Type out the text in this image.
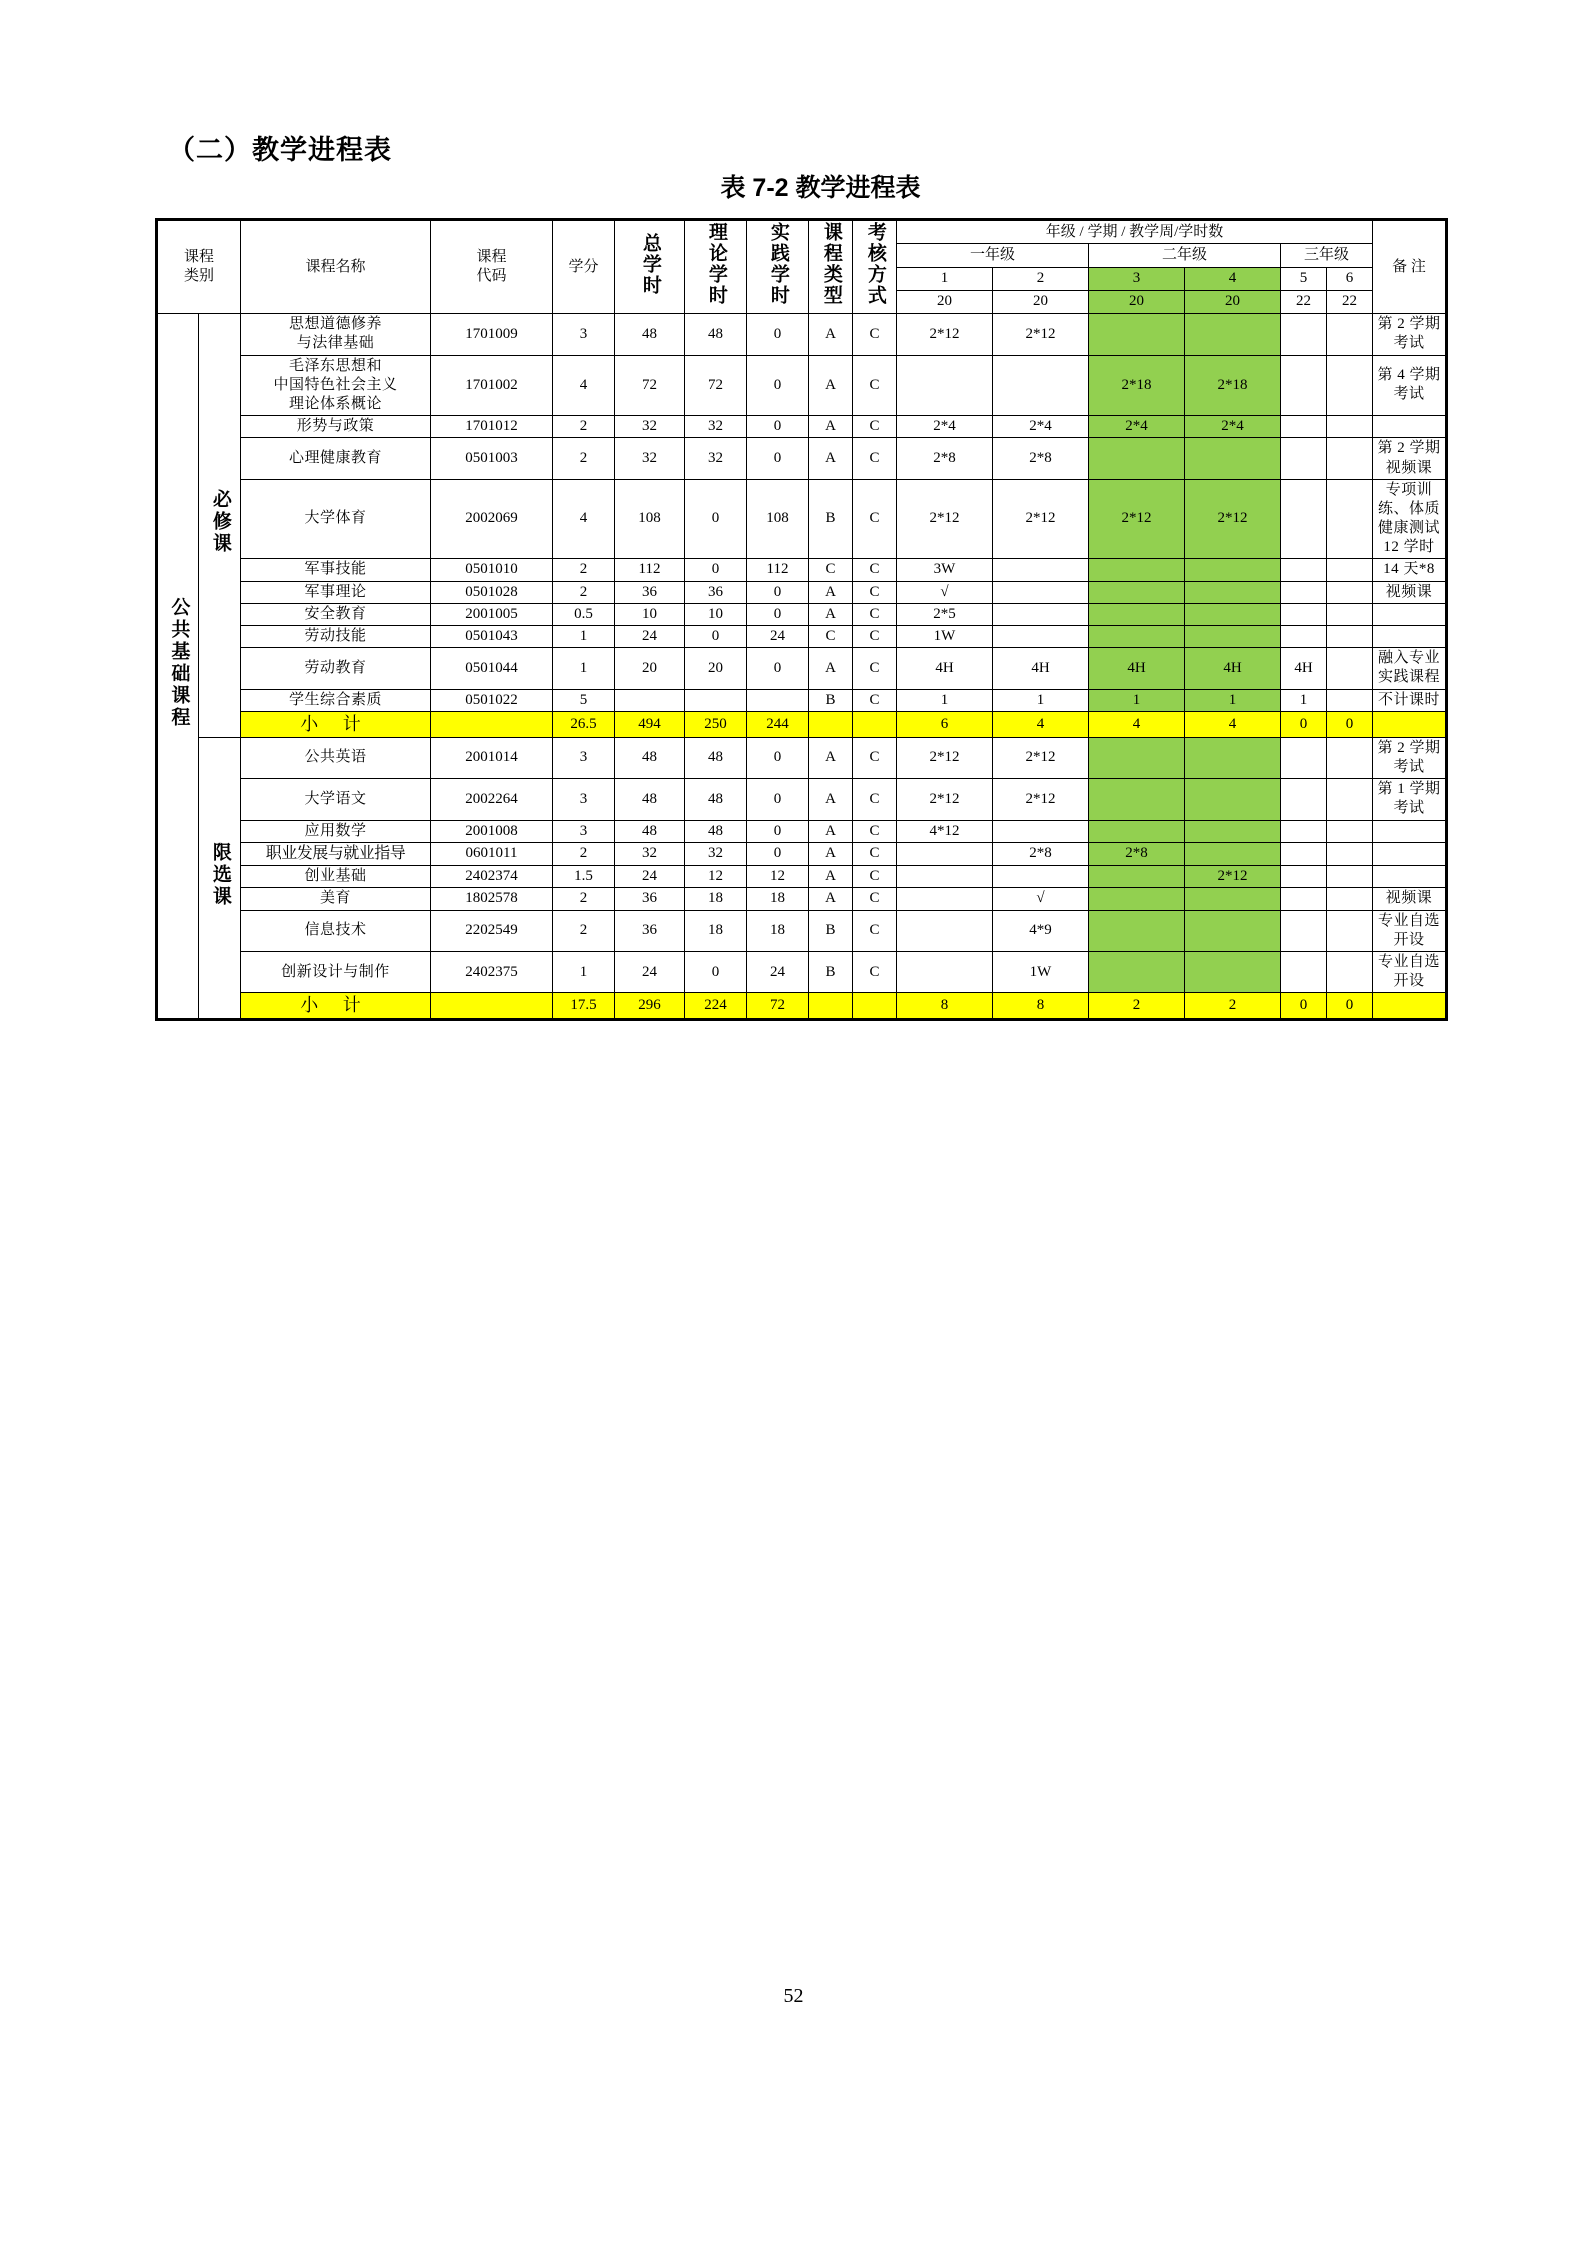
（二）教学进程表
表 7-2 教学进程表
课程
类别		课程名称	课程
代码	学分	总学时	理论学时	实践学时	课程类型	考核方式	年级 / 学期 / 教学周/学时数						备 注
										一年级		二年级		三年级		
										1	2	3	4	5	6	
										20	20	20	20	22	22	
公共基础课程	必修课	思想道德修养
与法律基础	1701009	3	48	48	0	A	C	2*12	2*12					第 2 学期考试
		毛泽东思想和
中国特色社会主义
理论体系概论	1701002	4	72	72	0	A	C			2*18	2*18			第 4 学期考试
		形势与政策	1701012	2	32	32	0	A	C	2*4	2*4	2*4	2*4			
		心理健康教育	0501003	2	32	32	0	A	C	2*8	2*8					第 2 学期视频课
		大学体育	2002069	4	108	0	108	B	C	2*12	2*12	2*12	2*12			专项训练、体质健康测试 12 学时
		军事技能	0501010	2	112	0	112	C	C	3W						14 天*8
		军事理论	0501028	2	36	36	0	A	C	√						视频课
		安全教育	2001005	0.5	10	10	0	A	C	2*5						
		劳动技能	0501043	1	24	0	24	C	C	1W						
		劳动教育	0501044	1	20	20	0	A	C	4H	4H	4H	4H	4H		融入专业实践课程
		学生综合素质	0501022	5				B	C	1	1	1	1	1		不计课时
		小 计		26.5	494	250	244			6	4	4	4	0	0	
	限选课	公共英语	2001014	3	48	48	0	A	C	2*12	2*12					第 2 学期考试
		大学语文	2002264	3	48	48	0	A	C	2*12	2*12					第 1 学期考试
		应用数学	2001008	3	48	48	0	A	C	4*12						
		职业发展与就业指导	0601011	2	32	32	0	A	C		2*8	2*8				
		创业基础	2402374	1.5	24	12	12	A	C				2*12			
		美育	1802578	2	36	18	18	A	C		√					视频课
		信息技术	2202549	2	36	18	18	B	C		4*9					专业自选开设
		创新设计与制作	2402375	1	24	0	24	B	C		1W					专业自选开设
		小 计		17.5	296	224	72			8	8	2	2	0	0	
52
